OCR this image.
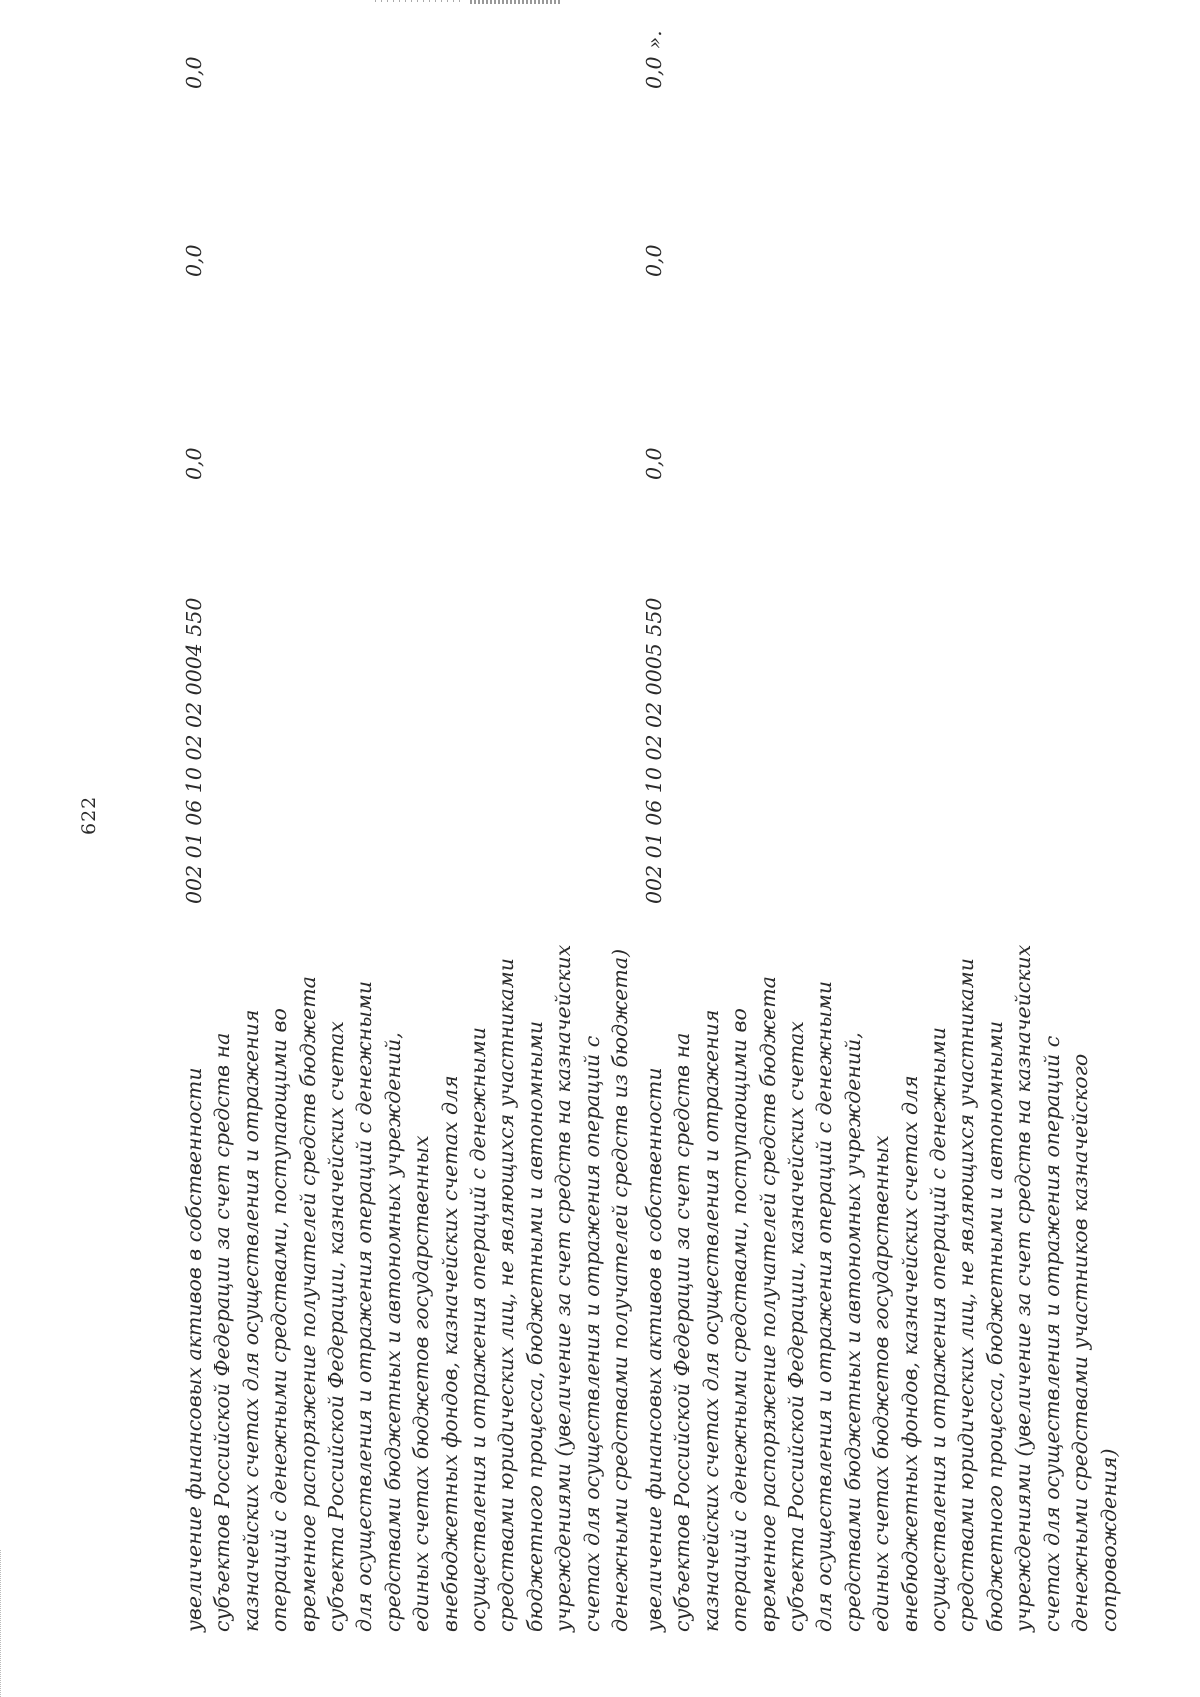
622
увеличение финансовых активов в собственности субъектов Российской Федерации за счет средств на казначейских счетах для осуществления и отражения операций с денежными средствами, поступающими во временное распоряжение получателей средств бюджета субъекта Российской Федерации, казначейских счетах для осуществления и отражения операций с денежными средствами бюджетных и автономных учреждений, единых счетах бюджетов государственных внебюджетных фондов, казначейских счетах для осуществления и отражения операций с денежными средствами юридических лиц, не являющихся участниками бюджетного процесса, бюджетными и автономными учреждениями (увеличение за счет средств на казначейских счетах для осуществления и отражения операций с денежными средствами получателей средств из бюджета)
002 01 06 10 02 02 0004 550
0,0
0,0
0,0
увеличение финансовых активов в собственности субъектов Российской Федерации за счет средств на казначейских счетах для осуществления и отражения операций с денежными средствами, поступающими во временное распоряжение получателей средств бюджета субъекта Российской Федерации, казначейских счетах для осуществления и отражения операций с денежными средствами бюджетных и автономных учреждений, единых счетах бюджетов государственных внебюджетных фондов, казначейских счетах для осуществления и отражения операций с денежными средствами юридических лиц, не являющихся участниками бюджетного процесса, бюджетными и автономными учреждениями (увеличение за счет средств на казначейских счетах для осуществления и отражения операций с денежными средствами участников казначейского сопровождения)
002 01 06 10 02 02 0005 550
0,0
0,0
0,0
».
